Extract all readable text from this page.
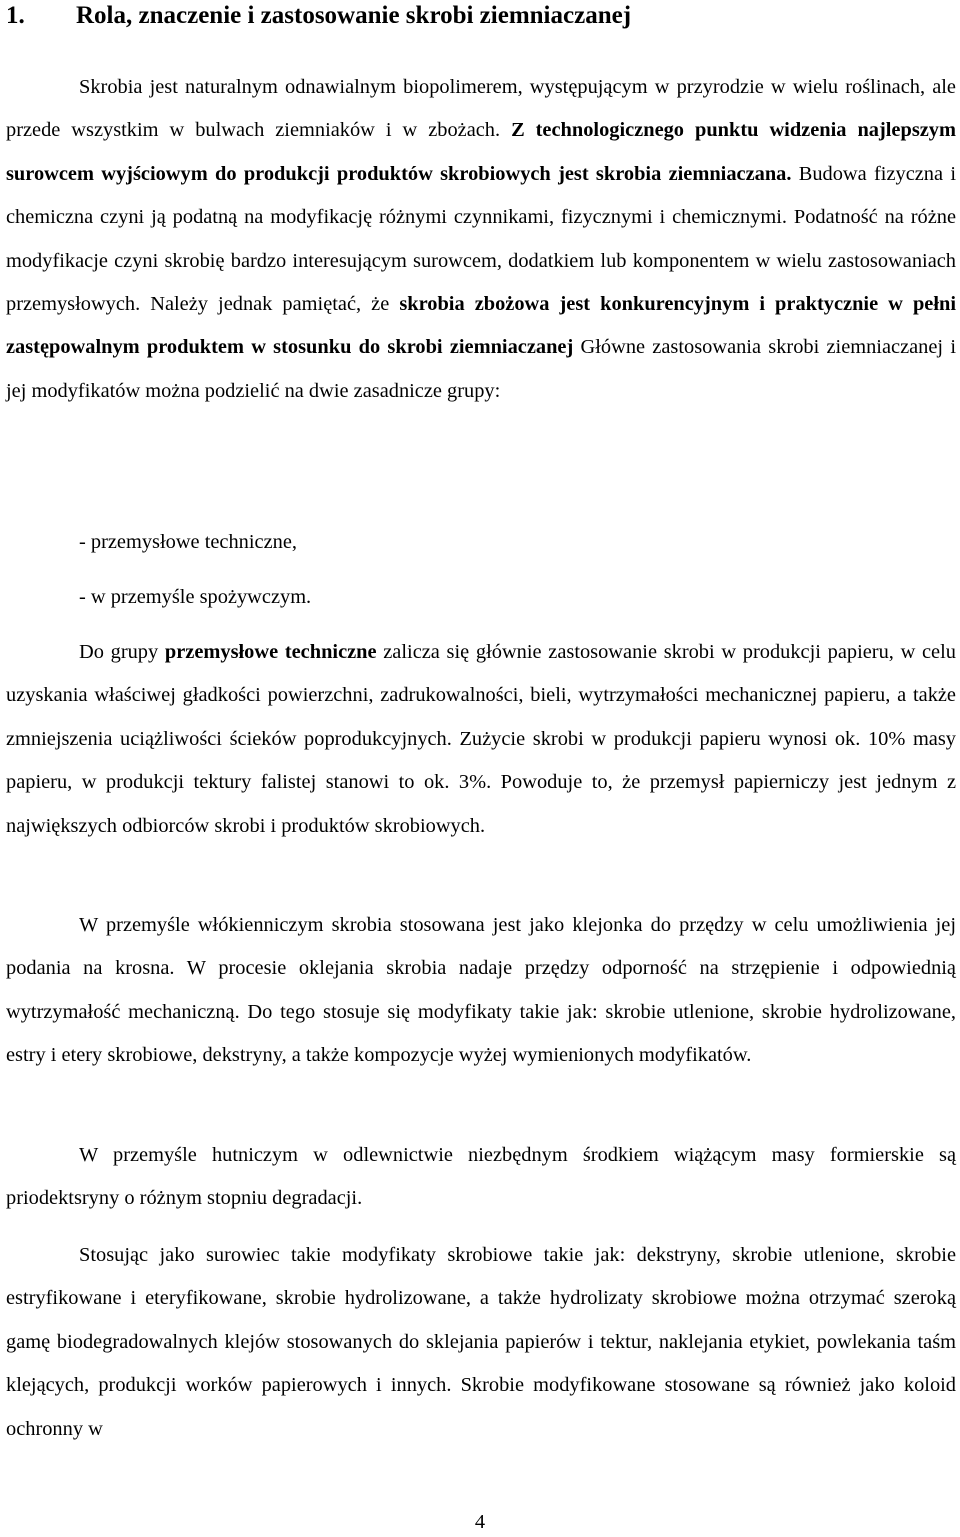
1. Rola, znaczenie i zastosowanie skrobi ziemniaczanej

Skrobia jest naturalnym odnawialnym biopolimerem, występującym w przyrodzie w wielu roślinach, ale przede wszystkim w bulwach ziemniaków i w zbożach. Z technologicznego punktu widzenia najlepszym surowcem wyjściowym do produkcji produktów skrobiowych jest skrobia ziemniaczana. Budowa fizyczna i chemiczna czyni ją podatną na modyfikację różnymi czynnikami, fizycznymi i chemicznymi. Podatność na różne modyfikacje czyni skrobię bardzo interesującym surowcem, dodatkiem lub komponentem w wielu zastosowaniach przemysłowych. Należy jednak pamiętać, że skrobia zbożowa jest konkurencyjnym i praktycznie w pełni zastępowalnym produktem w stosunku do skrobi ziemniaczanej Główne zastosowania skrobi ziemniaczanej i jej modyfikatów można podzielić na dwie zasadnicze grupy:

- przemysłowe techniczne,
- w przemyśle spożywczym.

Do grupy przemysłowe techniczne zalicza się głównie zastosowanie skrobi w produkcji papieru, w celu uzyskania właściwej gładkości powierzchni, zadrukowalności, bieli, wytrzymałości mechanicznej papieru, a także zmniejszenia uciążliwości ścieków poprodukcyjnych. Zużycie skrobi w produkcji papieru wynosi ok. 10% masy papieru, w produkcji tektury falistej stanowi to ok. 3%. Powoduje to, że przemysł papierniczy jest jednym z największych odbiorców skrobi i produktów skrobiowych.

W przemyśle włókienniczym skrobia stosowana jest jako klejonka do przędzy w celu umożliwienia jej podania na krosna. W procesie oklejania skrobia nadaje przędzy odporność na strzępienie i odpowiednią wytrzymałość mechaniczną. Do tego stosuje się modyfikaty takie jak: skrobie utlenione, skrobie hydrolizowane, estry i etery skrobiowe, dekstryny, a także kompozycje wyżej wymienionych modyfikatów.

W przemyśle hutniczym w odlewnictwie niezbędnym środkiem wiążącym masy formierskie są priodektsryny o różnym stopniu degradacji.

Stosując jako surowiec takie modyfikaty skrobiowe takie jak: dekstryny, skrobie utlenione, skrobie estryfikowane i eteryfikowane, skrobie hydrolizowane, a także hydrolizaty skrobiowe można otrzymać szeroką gamę biodegradowalnych klejów stosowanych do sklejania papierów i tektur, naklejania etykiet, powlekania taśm klejących, produkcji worków papierowych i innych. Skrobie modyfikowane stosowane są również jako koloid ochronny w

4
